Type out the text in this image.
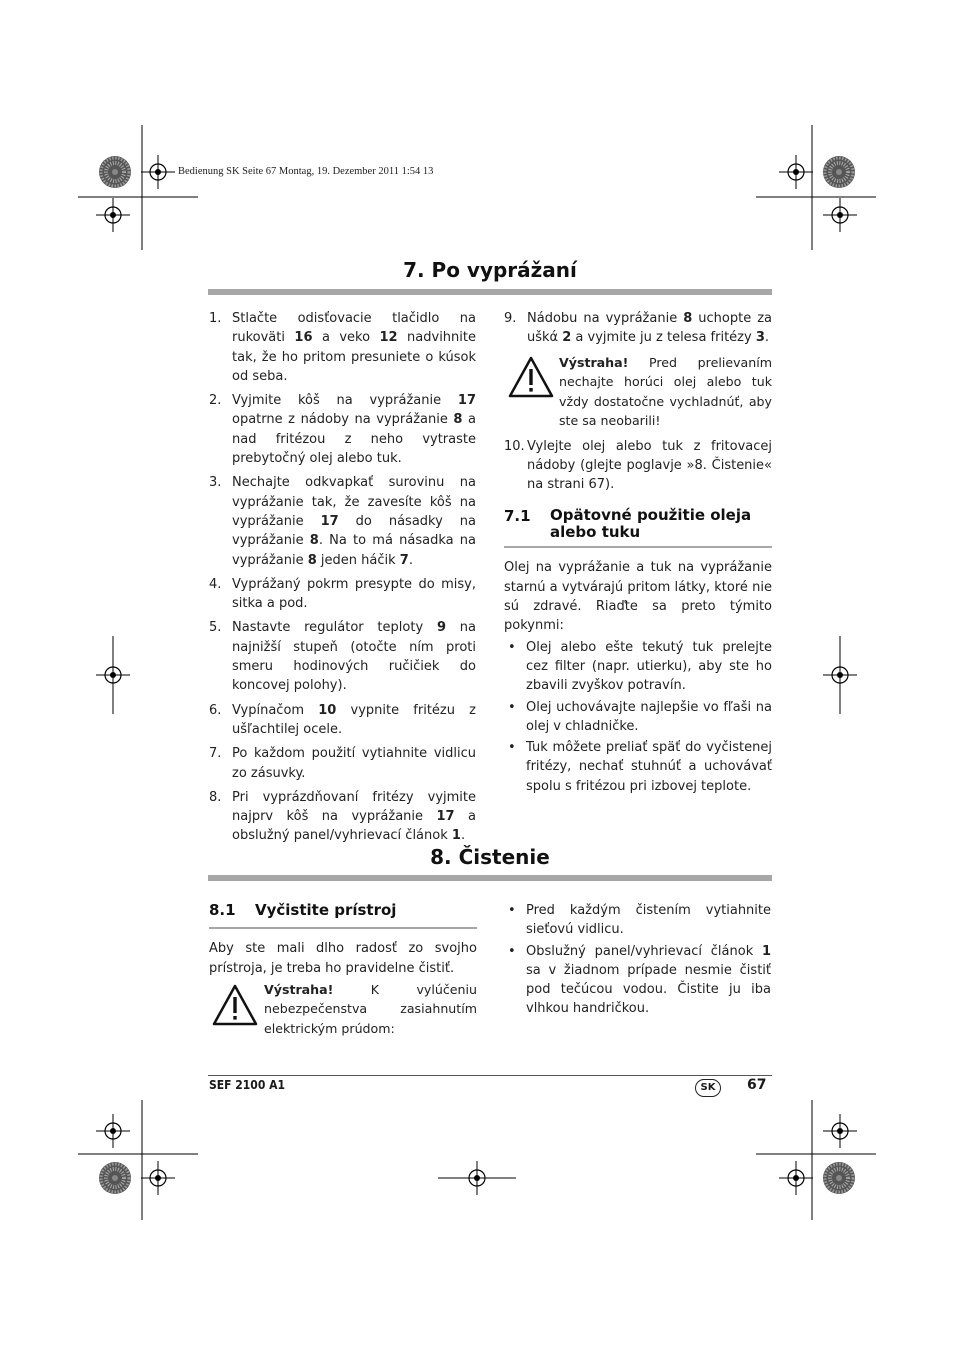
Bedienung SK Seite 67 Montag, 19. Dezember 2011 1:54 13
7. Po vyprážaní
1. Stlačte odisťovacie tlačidlo na rukoväti 16 a veko 12 nadvihnite tak, že ho pritom presuniete o kúsok od seba.
2. Vyjmite kôš na vyprážanie 17 opatrne z nádoby na vyprážanie 8 a nad fritézou z neho vytraste prebytočný olej alebo tuk.
3. Nechajte odkvapkať surovinu na vyprážanie tak, že zavesíte kôš na vyprážanie 17 do násadky na vyprážanie 8. Na to má násadka na vyprážanie 8 jeden háčik 7.
4. Vyprážaný pokrm presypte do misy, sitka a pod.
5. Nastavte regulátor teploty 9 na najnižší stupeň (otočte ním proti smeru hodinových ručičiek do koncovej polohy).
6. Vypínačom 10 vypnite fritézu z ušľachtilej ocele.
7. Po každom použití vytiahnite vidlicu zo zásuvky.
8. Pri vyprázdňovaní fritézy vyjmite najprv kôš na vyprážanie 17 a obslužný panel/vyhrievací článok 1.
9. Nádobu na vyprážanie 8 uchopte za uškά 2 a vyjmite ju z telesa fritézy 3.
Výstraha! Pred prelievaním nechajte horúci olej alebo tuk vždy dostatočne vychladnúť, aby ste sa neobarili!
10. Vylejte olej alebo tuk z fritovacej nádoby (glejte poglavje »8. Čistenie« na strani 67).
7.1	Opätovné použitie oleja alebo tuku
Olej na vyprážanie a tuk na vyprážanie starnú a vytvárajú pritom látky, ktoré nie sú zdravé. Riaďte sa preto týmito pokynmi:
• Olej alebo ešte tekutý tuk prelejte cez filter (napr. utierku), aby ste ho zbavili zvyškov potravín.
• Olej uchovávajte najlepšie vo fľaši na olej v chladničke.
• Tuk môžete preliať späť do vyčistenej fritézy, nechať stuhnúť a uchovávať spolu s fritézou pri izbovej teplote.
8. Čistenie
8.1 Vyčistite prístroj
Aby ste mali dlho radosť zo svojho prístroja, je treba ho pravidelne čistiť.
Výstraha! K vylúčeniu nebezpečenstva zasiahnutím elektrickým prúdom:
• Pred každým čistením vytiahnite sieťovú vidlicu.
• Obslužný panel/vyhrievací článok 1 sa v žiadnom prípade nesmie čistiť pod tečúcou vodou. Čistite ju iba vlhkou handričkou.
SEF 2100 A1	SK	67
